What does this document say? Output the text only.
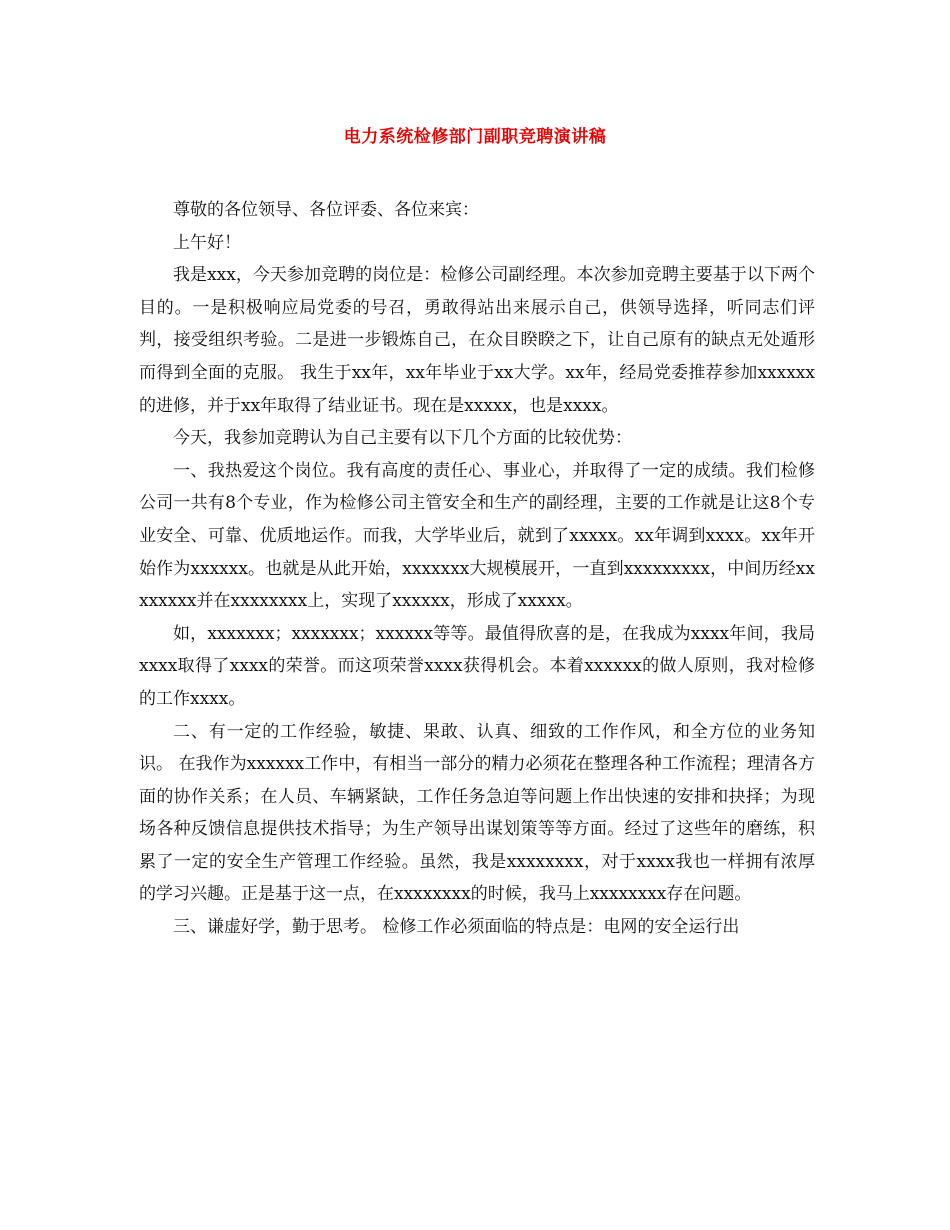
电力系统检修部门副职竞聘演讲稿

尊敬的各位领导、各位评委、各位来宾：

上午好！

我是xxx，今天参加竞聘的岗位是：检修公司副经理。本次参加竞聘主要基于以下两个目的。一是积极响应局党委的号召，勇敢得站出来展示自己，供领导选择，听同志们评判，接受组织考验。二是进一步锻炼自己，在众目睽睽之下，让自己原有的缺点无处遁形而得到全面的克服。 我生于xx年，xx年毕业于xx大学。xx年，经局党委推荐参加xxxxxx的进修，并于xx年取得了结业证书。现在是xxxxx，也是xxxx。

今天，我参加竞聘认为自己主要有以下几个方面的比较优势：

一、我热爱这个岗位。我有高度的责任心、事业心，并取得了一定的成绩。我们检修公司一共有8个专业，作为检修公司主管安全和生产的副经理，主要的工作就是让这8个专业安全、可靠、优质地运作。而我，大学毕业后，就到了xxxxx。xx年调到xxxx。xx年开始作为xxxxxx。也就是从此开始，xxxxxxx大规模展开，一直到xxxxxxxxx，中间历经xxxxxxxx并在xxxxxxxx上，实现了xxxxxx，形成了xxxxx。

如，xxxxxxx；xxxxxxx；xxxxxx等等。最值得欣喜的是，在我成为xxxx年间，我局xxxx取得了xxxx的荣誉。而这项荣誉xxxx获得机会。本着xxxxxx的做人原则，我对检修的工作xxxx。

二、有一定的工作经验，敏捷、果敢、认真、细致的工作作风，和全方位的业务知识。 在我作为xxxxxx工作中，有相当一部分的精力必须花在整理各种工作流程；理清各方面的协作关系；在人员、车辆紧缺，工作任务急迫等问题上作出快速的安排和抉择；为现场各种反馈信息提供技术指导；为生产领导出谋划策等等方面。经过了这些年的磨练，积累了一定的安全生产管理工作经验。虽然，我是xxxxxxxx，对于xxxx我也一样拥有浓厚的学习兴趣。正是基于这一点，在xxxxxxxx的时候，我马上xxxxxxxx存在问题。

三、谦虚好学，勤于思考。 检修工作必须面临的特点是：电网的安全运行出
